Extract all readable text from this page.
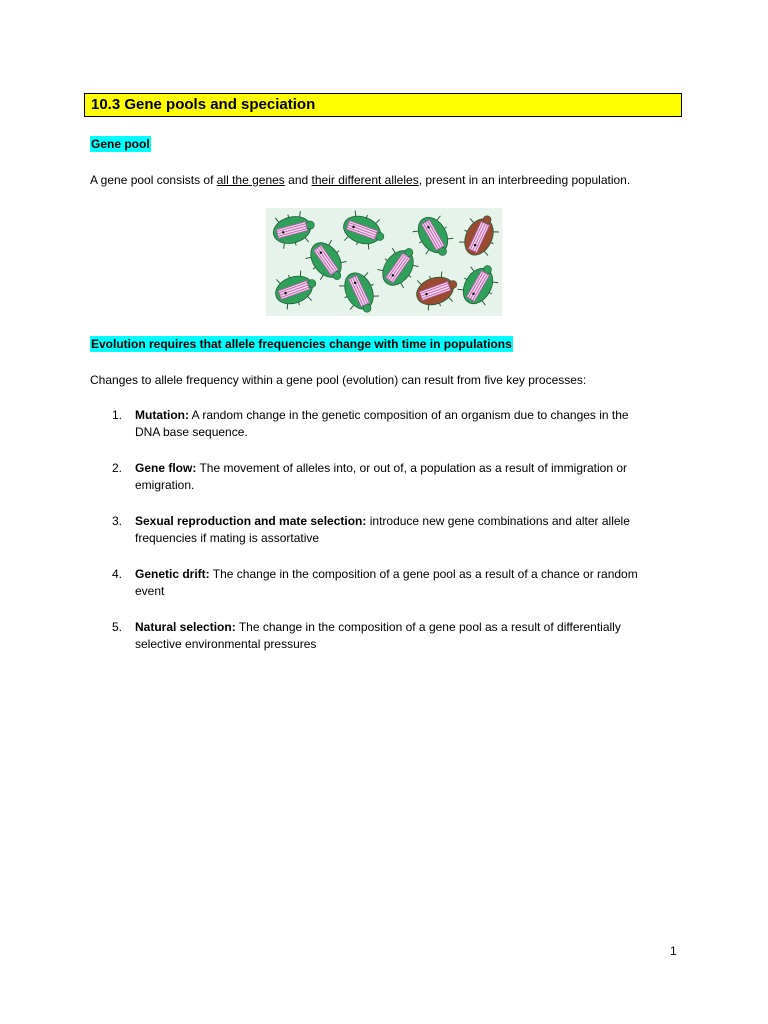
10.3 Gene pools and speciation
Gene pool
A gene pool consists of all the genes and their different alleles, present in an interbreeding population.
Evolution requires that allele frequencies change with time in populations
Changes to allele frequency within a gene pool (evolution) can result from five key processes:
1. Mutation: A random change in the genetic composition of an organism due to changes in the
DNA base sequence.
2. Gene flow: The movement of alleles into, or out of, a population as a result of immigration or
emigration.
3. Sexual reproduction and mate selection: introduce new gene combinations and alter allele
frequencies if mating is assortative
4. Genetic drift: The change in the composition of a gene pool as a result of a chance or random
event
5. Natural selection: The change in the composition of a gene pool as a result of differentially
selective environmental pressures
1
